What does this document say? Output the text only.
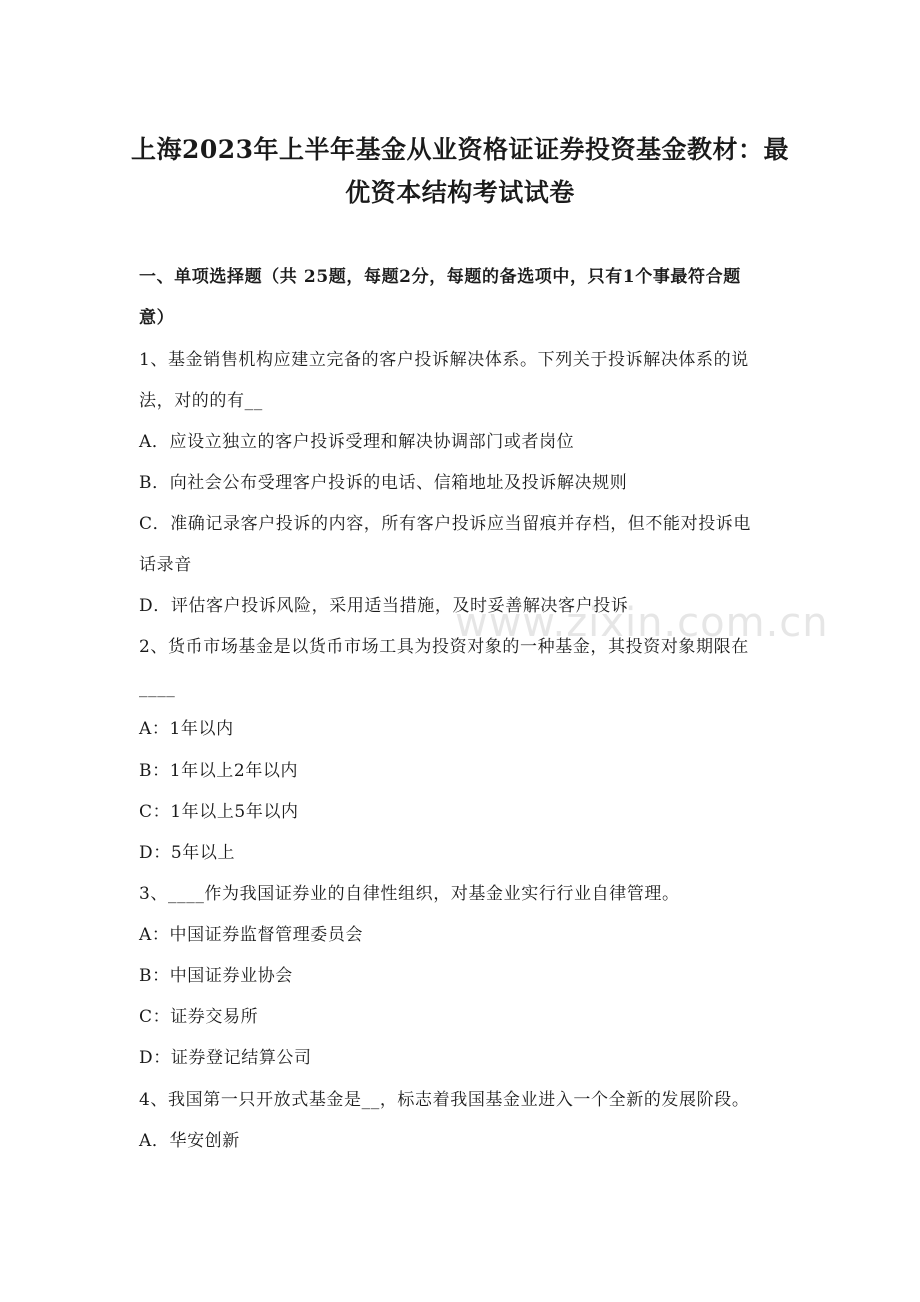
上海2023年上半年基金从业资格证证券投资基金教材：最
优资本结构考试试卷
一、单项选择题（共 25题，每题2分，每题的备选项中，只有1个事最符合题
意）
1、基金销售机构应建立完备的客户投诉解决体系。下列关于投诉解决体系的说
法，对的的有__
A．应设立独立的客户投诉受理和解决协调部门或者岗位
B．向社会公布受理客户投诉的电话、信箱地址及投诉解决规则
C．准确记录客户投诉的内容，所有客户投诉应当留痕并存档，但不能对投诉电
话录音
D．评估客户投诉风险，采用适当措施，及时妥善解决客户投诉
2、货币市场基金是以货币市场工具为投资对象的一种基金，其投资对象期限在
____
A：1年以内
B：1年以上2年以内
C：1年以上5年以内
D：5年以上
3、____作为我国证券业的自律性组织，对基金业实行行业自律管理。
A：中国证券监督管理委员会
B：中国证券业协会
C：证券交易所
D：证券登记结算公司
4、我国第一只开放式基金是__，标志着我国基金业进入一个全新的发展阶段。
A．华安创新
www.zixin.com.cn
